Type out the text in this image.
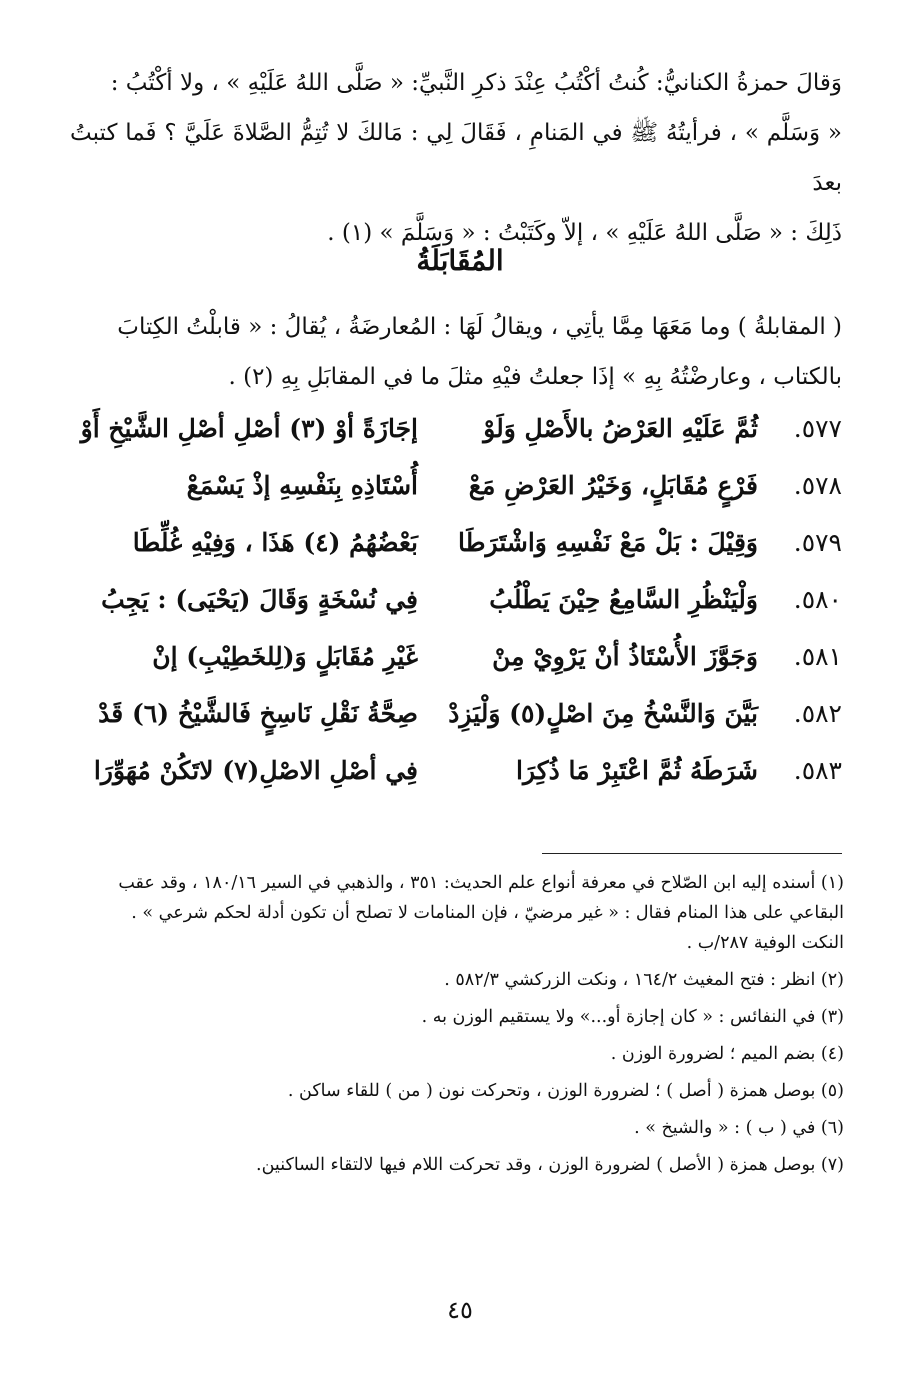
وَقالَ حمزةُ الكنانيُّ: كُنتُ أكْتُبُ عِنْدَ ذكرِ النَّبيِّ: « صَلَّى اللهُ عَلَيْهِ » ، ولا أكْتُبُ :

« وَسَلَّم » ، فرأيتُهُ ﷺ في المَنامِ ، فَقَالَ لِي : مَالكَ لا تُتِمُّ الصَّلاةَ عَلَيَّ ؟ فَما كتبتُ بعدَ

ذَلِكَ : « صَلَّى اللهُ عَلَيْهِ » ، إلاّ وكَتَبْتُ : « وَسَلَّمَ » (١) .

المُقَابَلَةُ

( المقابلةُ ) وما مَعَهَا مِمَّا يأتِي ، ويقالُ لَهَا : المُعارضَةُ ، يُقالُ : « قابلْتُ الكِتابَ

بالكتاب ، وعارضْتُهُ بِهِ » إذَا جعلتُ فيْهِ مثلَ ما في المقابَلِ بِهِ (٢) .

٥٧٧.
ثُمَّ عَلَيْهِ العَرْضُ بالأَصْلِ وَلَوْ
إجَازَةً أوْ (٣) أصْلِ أصْلِ الشَّيْخِ أَوْ
٥٧٨.
فَرْعٍ مُقَابَلٍ، وَخَيْرُ العَرْضِ مَعْ
أُسْتَاذِهِ بِنَفْسِهِ إذْ يَسْمَعْ
٥٧٩.
وَقِيْلَ : بَلْ مَعْ نَفْسِهِ وَاشْتَرَطَا
بَعْضُهُمُ (٤) هَذَا ، وَفِيْهِ غُلِّطَا
٥٨٠.
وَلْيَنْظُرِ السَّامِعُ حِيْنَ يَطْلُبُ
فِي نُسْخَةٍ وَقَالَ (يَحْيَى) : يَجِبُ
٥٨١.
وَجَوَّزَ الأُسْتَاذُ أنْ يَرْوِيْ مِنْ
غَيْرِ مُقَابَلٍ وَ(لِلخَطِيْبِ) إنْ
٥٨٢.
بَيَّنَ وَالنَّسْخُ مِنَ اصْلٍ(٥) وَلْيَزِدْ
صِحَّةُ نَقْلِ نَاسِخٍ فَالشَّيْخُ (٦) قَدْ
٥٨٣.
شَرَطَهُ ثُمَّ اعْتَبِرْ مَا ذُكِرَا
فِي أصْلِ الاصْلِ(٧) لاتَكُنْ مُهَوِّرَا

(١) أسنده إليه ابن الصّلاح في معرفة أنواع علم الحديث: ٣٥١ ، والذهبي في السير ١٨٠/١٦ ، وقد عقب
البقاعي على هذا المنام فقال : « غير مرضيّ ، فإن المنامات لا تصلح أن تكون أدلة لحكم شرعي » .
النكت الوفية ٢٨٧/ب .

(٢) انظر : فتح المغيث ١٦٤/٢ ، ونكت الزركشي ٥٨٢/٣ .

(٣) في النفائس : « كان إجازة أو...» ولا يستقيم الوزن به .

(٤) بضم الميم ؛ لضرورة الوزن .

(٥) بوصل همزة ( أصل ) ؛ لضرورة الوزن ، وتحركت نون ( من ) للقاء ساكن .

(٦) في ( ب ) : « والشيخ » .

(٧) بوصل همزة ( الأصل ) لضرورة الوزن ، وقد تحركت اللام فيها لالتقاء الساكنين.

٤٥
